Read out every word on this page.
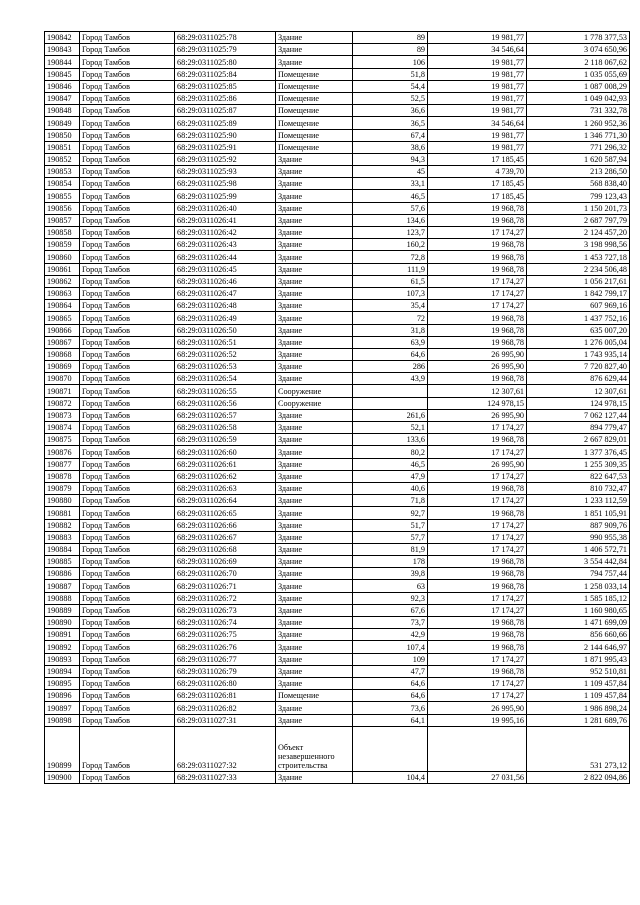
190842	Город Тамбов	68:29:0311025:78	Здание	89	19 981,77	1 778 377,53
190843	Город Тамбов	68:29:0311025:79	Здание	89	34 546,64	3 074 650,96
190844	Город Тамбов	68:29:0311025:80	Здание	106	19 981,77	2 118 067,62
190845	Город Тамбов	68:29:0311025:84	Помещение	51,8	19 981,77	1 035 055,69
190846	Город Тамбов	68:29:0311025:85	Помещение	54,4	19 981,77	1 087 008,29
190847	Город Тамбов	68:29:0311025:86	Помещение	52,5	19 981,77	1 049 042,93
190848	Город Тамбов	68:29:0311025:87	Помещение	36,6	19 981,77	731 332,78
190849	Город Тамбов	68:29:0311025:89	Помещение	36,5	34 546,64	1 260 952,36
190850	Город Тамбов	68:29:0311025:90	Помещение	67,4	19 981,77	1 346 771,30
190851	Город Тамбов	68:29:0311025:91	Помещение	38,6	19 981,77	771 296,32
190852	Город Тамбов	68:29:0311025:92	Здание	94,3	17 185,45	1 620 587,94
190853	Город Тамбов	68:29:0311025:93	Здание	45	4 739,70	213 286,50
190854	Город Тамбов	68:29:0311025:98	Здание	33,1	17 185,45	568 838,40
190855	Город Тамбов	68:29:0311025:99	Здание	46,5	17 185,45	799 123,43
190856	Город Тамбов	68:29:0311026:40	Здание	57,6	19 968,78	1 150 201,73
190857	Город Тамбов	68:29:0311026:41	Здание	134,6	19 968,78	2 687 797,79
190858	Город Тамбов	68:29:0311026:42	Здание	123,7	17 174,27	2 124 457,20
190859	Город Тамбов	68:29:0311026:43	Здание	160,2	19 968,78	3 198 998,56
190860	Город Тамбов	68:29:0311026:44	Здание	72,8	19 968,78	1 453 727,18
190861	Город Тамбов	68:29:0311026:45	Здание	111,9	19 968,78	2 234 506,48
190862	Город Тамбов	68:29:0311026:46	Здание	61,5	17 174,27	1 056 217,61
190863	Город Тамбов	68:29:0311026:47	Здание	107,3	17 174,27	1 842 799,17
190864	Город Тамбов	68:29:0311026:48	Здание	35,4	17 174,27	607 969,16
190865	Город Тамбов	68:29:0311026:49	Здание	72	19 968,78	1 437 752,16
190866	Город Тамбов	68:29:0311026:50	Здание	31,8	19 968,78	635 007,20
190867	Город Тамбов	68:29:0311026:51	Здание	63,9	19 968,78	1 276 005,04
190868	Город Тамбов	68:29:0311026:52	Здание	64,6	26 995,90	1 743 935,14
190869	Город Тамбов	68:29:0311026:53	Здание	286	26 995,90	7 720 827,40
190870	Город Тамбов	68:29:0311026:54	Здание	43,9	19 968,78	876 629,44
190871	Город Тамбов	68:29:0311026:55	Сооружение		12 307,61	12 307,61
190872	Город Тамбов	68:29:0311026:56	Сооружение		124 978,15	124 978,15
190873	Город Тамбов	68:29:0311026:57	Здание	261,6	26 995,90	7 062 127,44
190874	Город Тамбов	68:29:0311026:58	Здание	52,1	17 174,27	894 779,47
190875	Город Тамбов	68:29:0311026:59	Здание	133,6	19 968,78	2 667 829,01
190876	Город Тамбов	68:29:0311026:60	Здание	80,2	17 174,27	1 377 376,45
190877	Город Тамбов	68:29:0311026:61	Здание	46,5	26 995,90	1 255 309,35
190878	Город Тамбов	68:29:0311026:62	Здание	47,9	17 174,27	822 647,53
190879	Город Тамбов	68:29:0311026:63	Здание	40,6	19 968,78	810 732,47
190880	Город Тамбов	68:29:0311026:64	Здание	71,8	17 174,27	1 233 112,59
190881	Город Тамбов	68:29:0311026:65	Здание	92,7	19 968,78	1 851 105,91
190882	Город Тамбов	68:29:0311026:66	Здание	51,7	17 174,27	887 909,76
190883	Город Тамбов	68:29:0311026:67	Здание	57,7	17 174,27	990 955,38
190884	Город Тамбов	68:29:0311026:68	Здание	81,9	17 174,27	1 406 572,71
190885	Город Тамбов	68:29:0311026:69	Здание	178	19 968,78	3 554 442,84
190886	Город Тамбов	68:29:0311026:70	Здание	39,8	19 968,78	794 757,44
190887	Город Тамбов	68:29:0311026:71	Здание	63	19 968,78	1 258 033,14
190888	Город Тамбов	68:29:0311026:72	Здание	92,3	17 174,27	1 585 185,12
190889	Город Тамбов	68:29:0311026:73	Здание	67,6	17 174,27	1 160 980,65
190890	Город Тамбов	68:29:0311026:74	Здание	73,7	19 968,78	1 471 699,09
190891	Город Тамбов	68:29:0311026:75	Здание	42,9	19 968,78	856 660,66
190892	Город Тамбов	68:29:0311026:76	Здание	107,4	19 968,78	2 144 646,97
190893	Город Тамбов	68:29:0311026:77	Здание	109	17 174,27	1 871 995,43
190894	Город Тамбов	68:29:0311026:79	Здание	47,7	19 968,78	952 510,81
190895	Город Тамбов	68:29:0311026:80	Здание	64,6	17 174,27	1 109 457,84
190896	Город Тамбов	68:29:0311026:81	Помещение	64,6	17 174,27	1 109 457,84
190897	Город Тамбов	68:29:0311026:82	Здание	73,6	26 995,90	1 986 898,24
190898	Город Тамбов	68:29:0311027:31	Здание	64,1	19 995,16	1 281 689,76
190899	Город Тамбов	68:29:0311027:32	Объект незавершенного строительства			531 273,12
190900	Город Тамбов	68:29:0311027:33	Здание	104,4	27 031,56	2 822 094,86
